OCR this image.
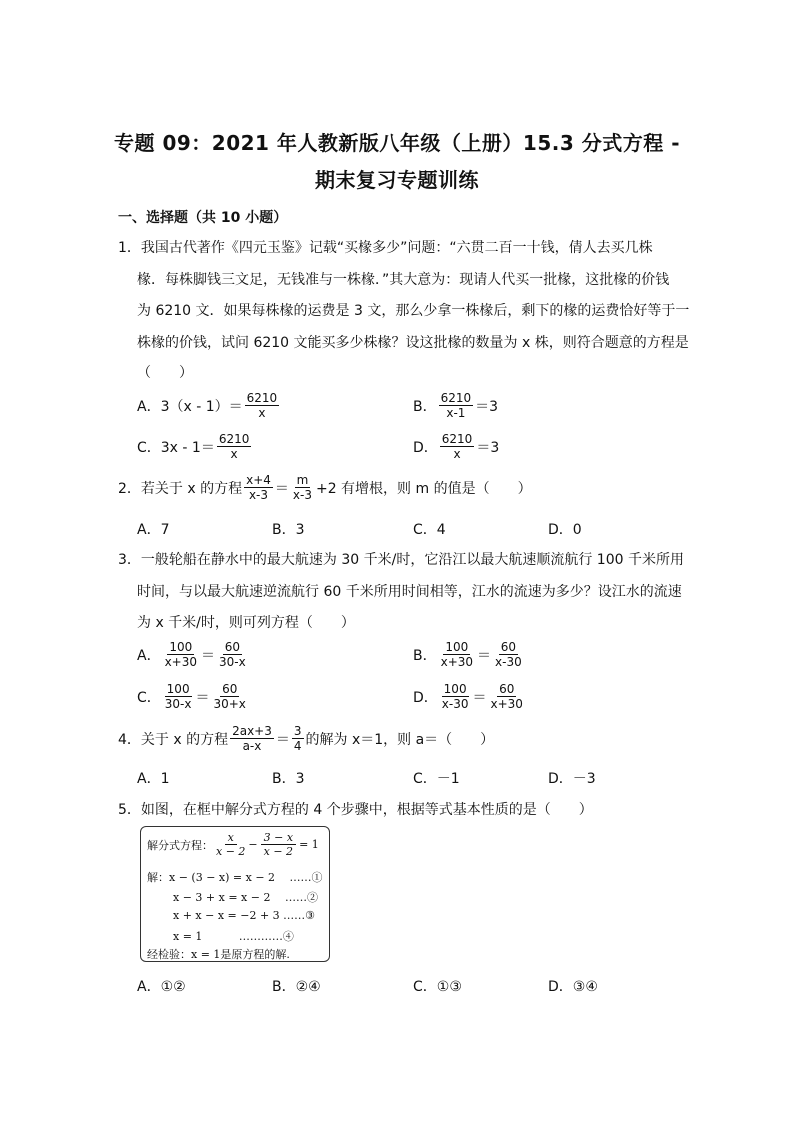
专题 09：2021 年人教新版八年级（上册）15.3 分式方程 -
期末复习专题训练
一、选择题（共 10 小题）
1．我国古代著作《四元玉鉴》记载“买椽多少”问题：“六贯二百一十钱，倩人去买几株
椽．每株脚钱三文足，无钱准与一株椽．”其大意为：现请人代买一批椽，这批椽的价钱
为 6210 文．如果每株椽的运费是 3 文，那么少拿一株椽后，剩下的椽的运费恰好等于一
株椽的价钱，试问 6210 文能买多少株椽？设这批椽的数量为 x 株，则符合题意的方程是
（　　）
A．$3(x - 1)= \frac{6210}{x}$	B． $\frac{6210}{x-1} =3$
C．$3x - 1= \frac{6210}{x}$	D． $\frac{6210}{x} =3$
2．若关于 x 的方程 $\frac{x+4}{x-3} = \frac{m}{x-3} +2$ 有增根，则 m 的值是（　　）
A．7	B．3	C．4	D．0
3．一般轮船在静水中的最大航速为 30 千米/时，它沿江以最大航速顺流航行 100 千米所用
时间，与以最大航速逆流航行 60 千米所用时间相等，江水的流速为多少？设江水的流速
为 x 千米/时，则可列方程（　　）
A． $\frac{100}{x+30} = \frac{60}{30-x}$	B． $\frac{100}{x+30} = \frac{60}{x-30}$
C． $\frac{100}{30-x} = \frac{60}{30+x}$	D． $\frac{100}{x-30} = \frac{60}{x+30}$
4．关于 x 的方程 $\frac{2ax+3}{a-x} = \frac{3}{4}$ 的解为 x＝1，则 a＝（　　）
A．1	B．3	C．－1	D．－3
5．如图，在框中解分式方程的 4 个步骤中，根据等式基本性质的是（　　）
解分式方程：
x
x − 2
− $\frac{3 - x}{x - 2} = 1$
解：x − (3 − x) = x − 2　 ……①
x − 3 + x = x − 2　 ……②
x + x − x = −2 + 3 ……③
x = 1　　　 …………④
经检验：x = 1是原方程的解.
A．①②	B．②④	C．①③	D．③④
